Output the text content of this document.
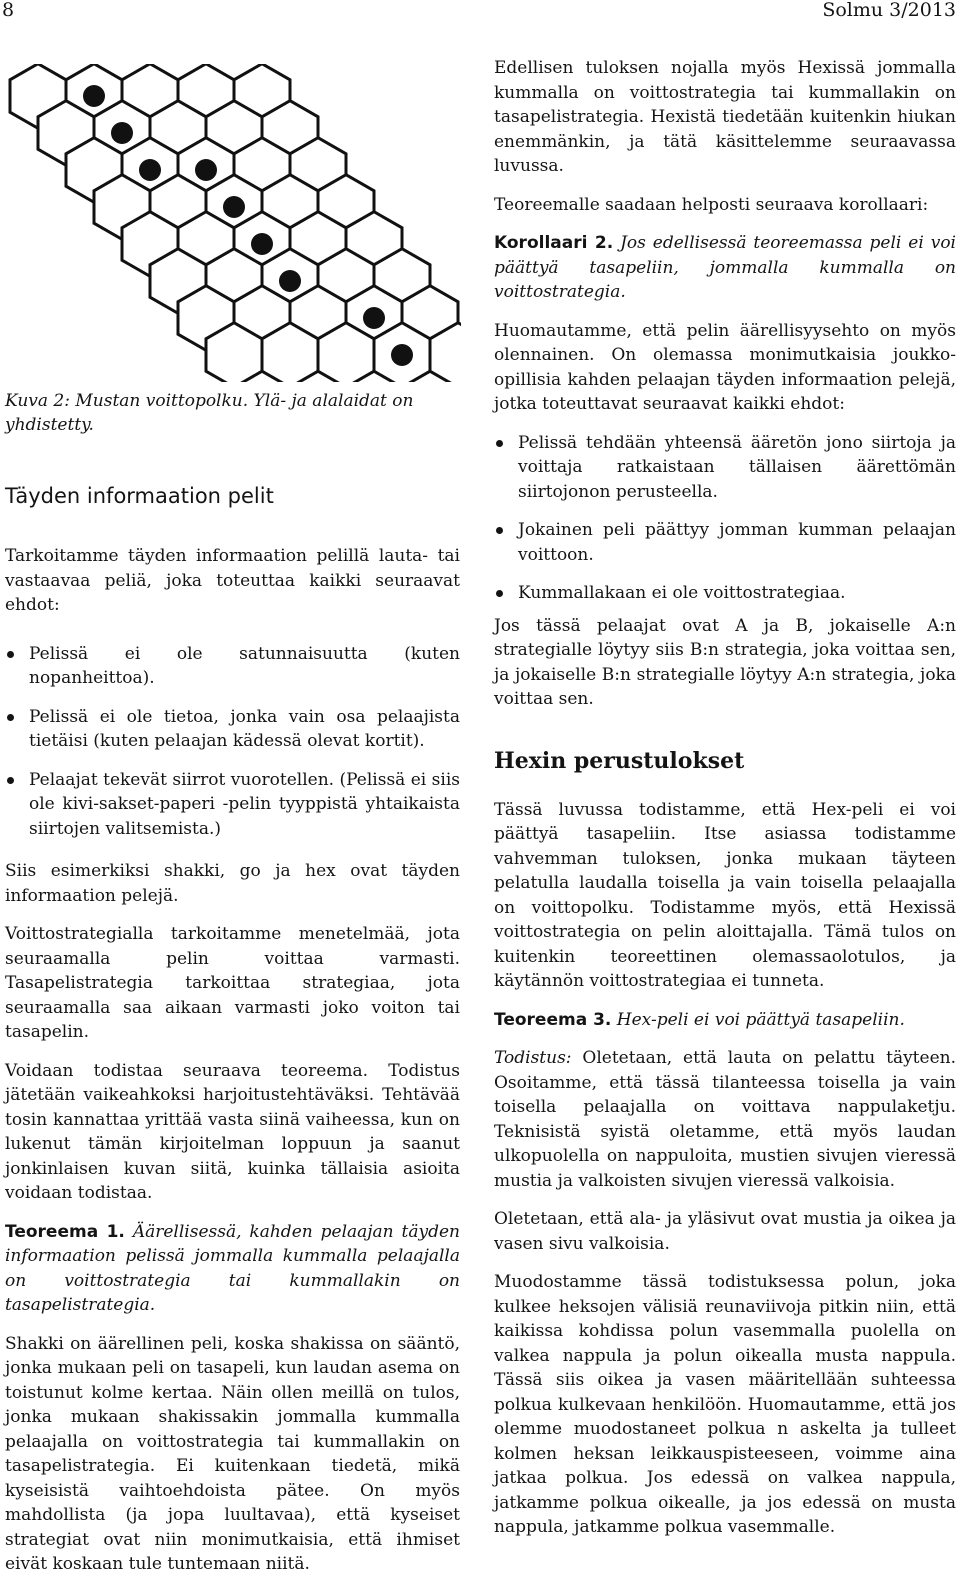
8	Solmu 3/2013
Kuva 2: Mustan voittopolku. Ylä- ja alalaidat on yhdistetty.
Täyden informaation pelit

Tarkoitamme täyden informaation pelillä lauta- tai vastaavaa peliä, joka toteuttaa kaikki seuraavat ehdot:

Pelissä ei ole satunnaisuutta (kuten nopanheittoa).
Pelissä ei ole tietoa, jonka vain osa pelaajista tietäisi (kuten pelaajan kädessä olevat kortit).
Pelaajat tekevät siirrot vuorotellen. (Pelissä ei siis ole kivi-sakset-paperi -pelin tyyppistä yhtaikaista siirtojen valitsemista.)

Siis esimerkiksi shakki, go ja hex ovat täyden informaation pelejä.

Voittostrategialla tarkoitamme menetelmää, jota seuraamalla pelin voittaa varmasti. Tasapelistrategia tarkoittaa strategiaa, jota seuraamalla saa aikaan varmasti joko voiton tai tasapelin.

Voidaan todistaa seuraava teoreema. Todistus jätetään vaikeahkoksi harjoitustehtäväksi. Tehtävää tosin kannattaa yrittää vasta siinä vaiheessa, kun on lukenut tämän kirjoitelman loppuun ja saanut jonkinlaisen kuvan siitä, kuinka tällaisia asioita voidaan todistaa.

Teoreema 1. Äärellisessä, kahden pelaajan täyden informaation pelissä jommalla kummalla pelaajalla on voittostrategia tai kummallakin on tasapelistrategia.

Shakki on äärellinen peli, koska shakissa on sääntö, jonka mukaan peli on tasapeli, kun laudan asema on toistunut kolme kertaa. Näin ollen meillä on tulos, jonka mukaan shakissakin jommalla kummalla pelaajalla on voittostrategia tai kummallakin on tasapelistrategia. Ei kuitenkaan tiedetä, mikä kyseisistä vaihtoehdoista pätee. On myös mahdollista (ja jopa luultavaa), että kyseiset strategiat ovat niin monimutkaisia, että ihmiset eivät koskaan tule tuntemaan niitä.

Edellisen tuloksen nojalla myös Hexissä jommalla kummalla on voittostrategia tai kummallakin on tasapelistrategia. Hexistä tiedetään kuitenkin hiukan enemmänkin, ja tätä käsittelemme seuraavassa luvussa.

Teoreemalle saadaan helposti seuraava korollaari:

Korollaari 2. Jos edellisessä teoreemassa peli ei voi päättyä tasapeliin, jommalla kummalla on voittostrategia.

Huomautamme, että pelin äärellisyysehto on myös olennainen. On olemassa monimutkaisia joukko-opillisia kahden pelaajan täyden informaation pelejä, jotka toteuttavat seuraavat kaikki ehdot:

Pelissä tehdään yhteensä ääretön jono siirtoja ja voittaja ratkaistaan tällaisen äärettömän siirtojonon perusteella.
Jokainen peli päättyy jomman kumman pelaajan voittoon.
Kummallakaan ei ole voittostrategiaa.

Jos tässä pelaajat ovat A ja B, jokaiselle A:n strategialle löytyy siis B:n strategia, joka voittaa sen, ja jokaiselle B:n strategialle löytyy A:n strategia, joka voittaa sen.

Hexin perustulokset

Tässä luvussa todistamme, että Hex-peli ei voi päättyä tasapeliin. Itse asiassa todistamme vahvemman tuloksen, jonka mukaan täyteen pelatulla laudalla toisella ja vain toisella pelaajalla on voittopolku. Todistamme myös, että Hexissä voittostrategia on pelin aloittajalla. Tämä tulos on kuitenkin teoreettinen olemassaolotulos, ja käytännön voittostrategiaa ei tunneta.

Teoreema 3. Hex-peli ei voi päättyä tasapeliin.

Todistus: Oletetaan, että lauta on pelattu täyteen. Osoitamme, että tässä tilanteessa toisella ja vain toisella pelaajalla on voittava nappulaketju. Teknisistä syistä oletamme, että myös laudan ulkopuolella on nappuloita, mustien sivujen vieressä mustia ja valkoisten sivujen vieressä valkoisia.

Oletetaan, että ala- ja yläsivut ovat mustia ja oikea ja vasen sivu valkoisia.

Muodostamme tässä todistuksessa polun, joka kulkee heksojen välisiä reunaviivoja pitkin niin, että kaikissa kohdissa polun vasemmalla puolella on valkea nappula ja polun oikealla musta nappula. Tässä siis oikea ja vasen määritellään suhteessa polkua kulkevaan henkilöön. Huomautamme, että jos olemme muodostaneet polkua n askelta ja tulleet kolmen heksan leikkauspisteeseen, voimme aina jatkaa polkua. Jos edessä on valkea nappula, jatkamme polkua oikealle, ja jos edessä on musta nappula, jatkamme polkua vasemmalle.
